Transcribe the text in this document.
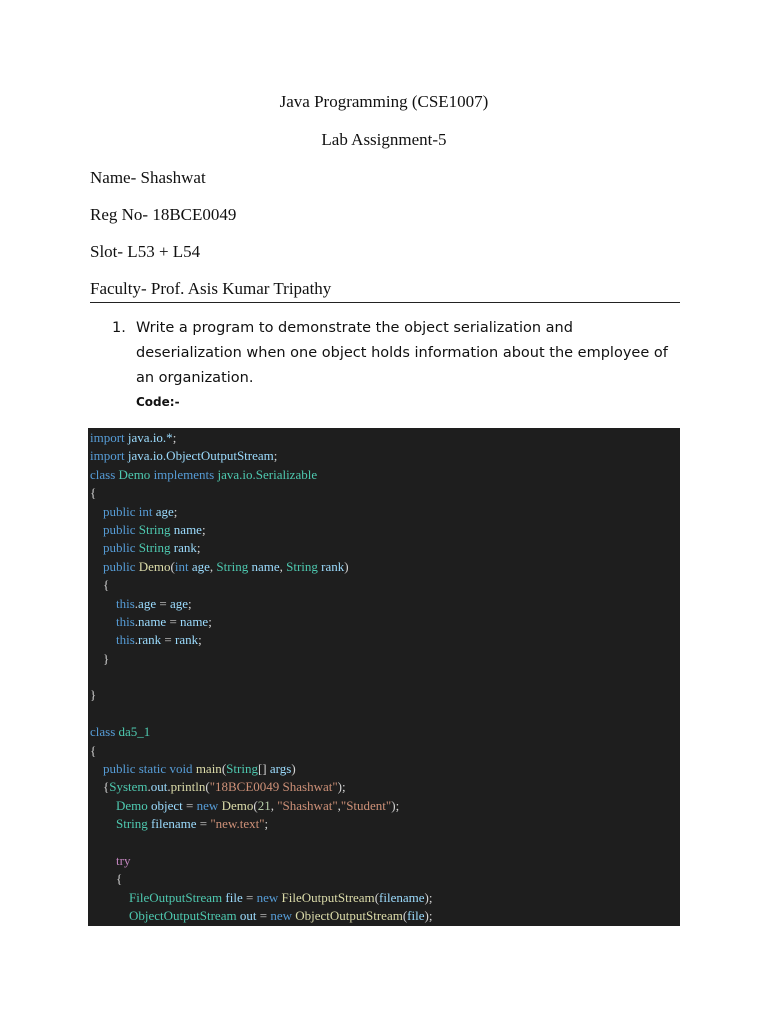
Java Programming (CSE1007)
Lab Assignment-5
Name- Shashwat
Reg No- 18BCE0049
Slot- L53 + L54
Faculty- Prof. Asis Kumar Tripathy
1. Write a program to demonstrate the object serialization and deserialization when one object holds information about the employee of an organization.
Code:-
import java.io.*;
import java.io.ObjectOutputStream;
class Demo implements java.io.Serializable
{
public int age;
public String name;
public String rank;
public Demo(int age, String name, String rank)
{
this.age = age;
this.name = name;
this.rank = rank;
}

}

class da5_1
{
public static void main(String[] args)
{System.out.println("18BCE0049 Shashwat");
Demo object = new Demo(21, "Shashwat","Student");
String filename = "new.text";

try
{
FileOutputStream file = new FileOutputStream(filename);
ObjectOutputStream out = new ObjectOutputStream(file);
